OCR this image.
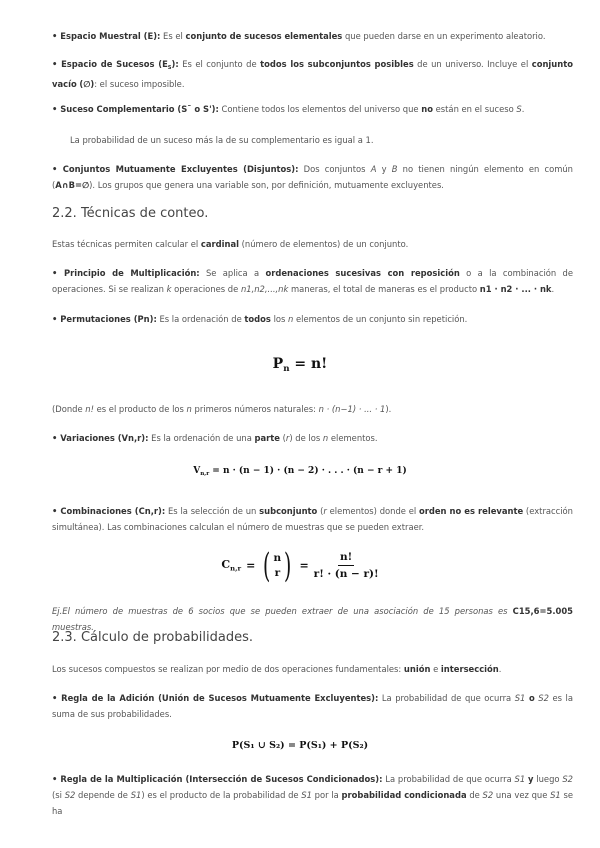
• Espacio Muestral (E): Es el conjunto de sucesos elementales que pueden darse en un experimento aleatorio.

• Espacio de Sucesos $(E_S)$: Es el conjunto de todos los subconjuntos posibles de un universo. Incluye el conjunto vacío (∅): el suceso imposible.

• Suceso Complementario (S¯ o S'): Contiene todos los elementos del universo que no están en el suceso S.

La probabilidad de un suceso más la de su complementario es igual a 1.

• Conjuntos Mutuamente Excluyentes (Disjuntos): Dos conjuntos A y B no tienen ningún elemento en común (A∩B=∅). Los grupos que genera una variable son, por definición, mutuamente excluyentes.

2.2. Técnicas de conteo.

Estas técnicas permiten calcular el cardinal (número de elementos) de un conjunto.

• Principio de Multiplicación: Se aplica a ordenaciones sucesivas con reposición o a la combinación de operaciones. Si se realizan k operaciones de n1,n2,...,nk maneras, el total de maneras es el producto n1 · n2 · ... · nk.

• Permutaciones (Pn): Es la ordenación de todos los n elementos de un conjunto sin repetición.

$P_n = n$!

(Donde n! es el producto de los n primeros números naturales: n · (n−1) · ... · 1).

• Variaciones (Vn,r): Es la ordenación de una parte (r) de los n elementos.

$V_{n,r} = n \cdot (n - 1) \cdot (n - 2)$ · . . . · (n − r + 1)

• Combinaciones (Cn,r): Es la selección de un subconjunto (r elementos) donde el orden no es relevante (extracción simultánea). Las combinaciones calculan el número de muestras que se pueden extraer.

$C_{n,r}$ = ( n
r ) = $\frac{n!}{r! \cdot (n - r)!}$

Ej.El número de muestras de 6 socios que se pueden extraer de una asociación de 15 personas es C15,6=5.005 muestras.

2.3. Cálculo de probabilidades.

Los sucesos compuestos se realizan por medio de dos operaciones fundamentales: unión e intersección.

• Regla de la Adición (Unión de Sucesos Mutuamente Excluyentes): La probabilidad de que ocurra S1 o S2 es la suma de sus probabilidades.

P(S₁ ∪ S₂) = P(S₁) + P(S₂)

• Regla de la Multiplicación (Intersección de Sucesos Condicionados): La probabilidad de que ocurra S1 y luego S2 (si S2 depende de S1) es el producto de la probabilidad de S1 por la probabilidad condicionada de S2 una vez que S1 se ha
